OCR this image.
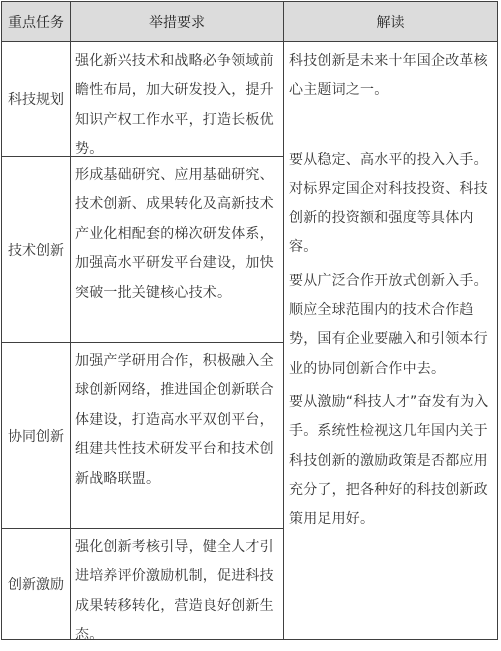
重点任务	举措要求	解读
科技规划
技术创新
协同创新
创新激励
强化新兴技术和战略必争领域前瞻性布局，加大研发投入，提升知识产权工作水平，打造长板优势。
形成基础研究、应用基础研究、技术创新、成果转化及高新技术产业化相配套的梯次研发体系，加强高水平研发平台建设，加快突破一批关键核心技术。
加强产学研用合作，积极融入全球创新网络，推进国企创新联合体建设，打造高水平双创平台，组建共性技术研发平台和技术创新战略联盟。
强化创新考核引导，健全人才引进培养评价激励机制，促进科技成果转移转化，营造良好创新生态。

科技创新是未来十年国企改革核心主题词之一。

要从稳定、高水平的投入入手。对标界定国企对科技投资、科技创新的投资额和强度等具体内容。

要从广泛合作开放式创新入手。顺应全球范围内的技术合作趋势，国有企业要融入和引领本行业的协同创新合作中去。

要从激励“科技人才”奋发有为入手。系统性检视这几年国内关于科技创新的激励政策是否都应用充分了，把各种好的科技创新政策用足用好。
